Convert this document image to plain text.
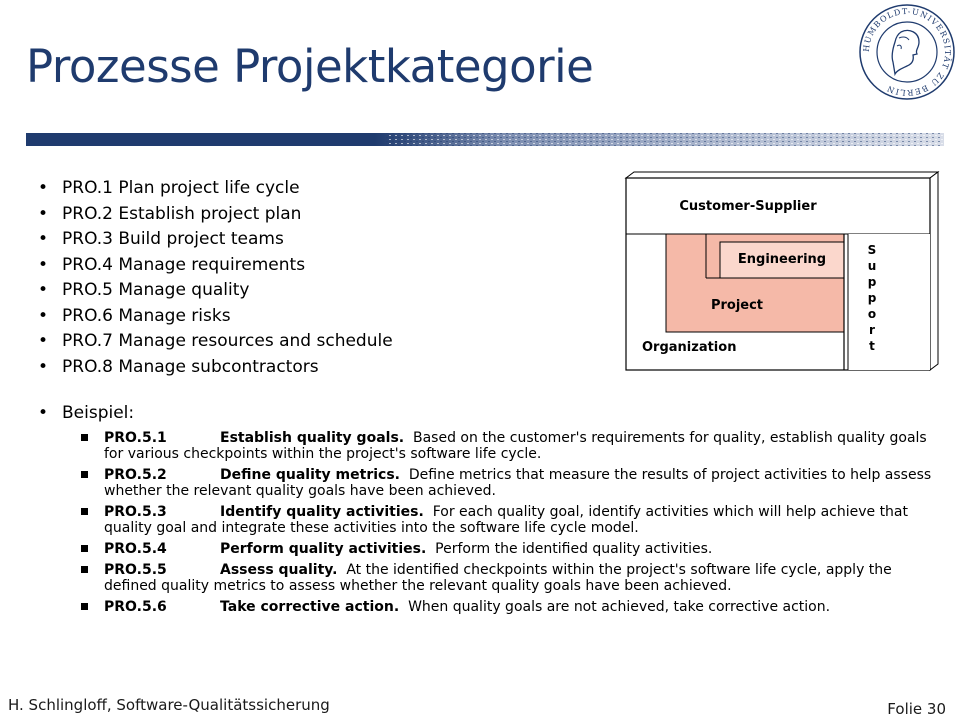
Prozesse Projektkategorie	HUMBOLDT-UNIVERSITÄT ZU BERLIN
• PRO.1 Plan project life cycle
• PRO.2 Establish project plan
• PRO.3 Build project teams
• PRO.4 Manage requirements
• PRO.5 Manage quality
• PRO.6 Manage risks
• PRO.7 Manage resources and schedule
• PRO.8 Manage subcontractors
• Beispiel:
PRO.5.1	Establish quality goals. Based on the customer's requirements for quality, establish quality goals for various checkpoints within the project's software life cycle.
PRO.5.2	Define quality metrics. Define metrics that measure the results of project activities to help assess whether the relevant quality goals have been achieved.
PRO.5.3	Identify quality activities. For each quality goal, identify activities which will help achieve that quality goal and integrate these activities into the software life cycle model.
PRO.5.4	Perform quality activities. Perform the identified quality activities.
PRO.5.5	Assess quality. At the identified checkpoints within the project's software life cycle, apply the defined quality metrics to assess whether the relevant quality goals have been achieved.
PRO.5.6	Take corrective action. When quality goals are not achieved, take corrective action.
Customer-Supplier
Engineering
Project
Organization
S
u
p
p
o
r
t
H. Schlingloff, Software-Qualitätssicherung	Folie 30
